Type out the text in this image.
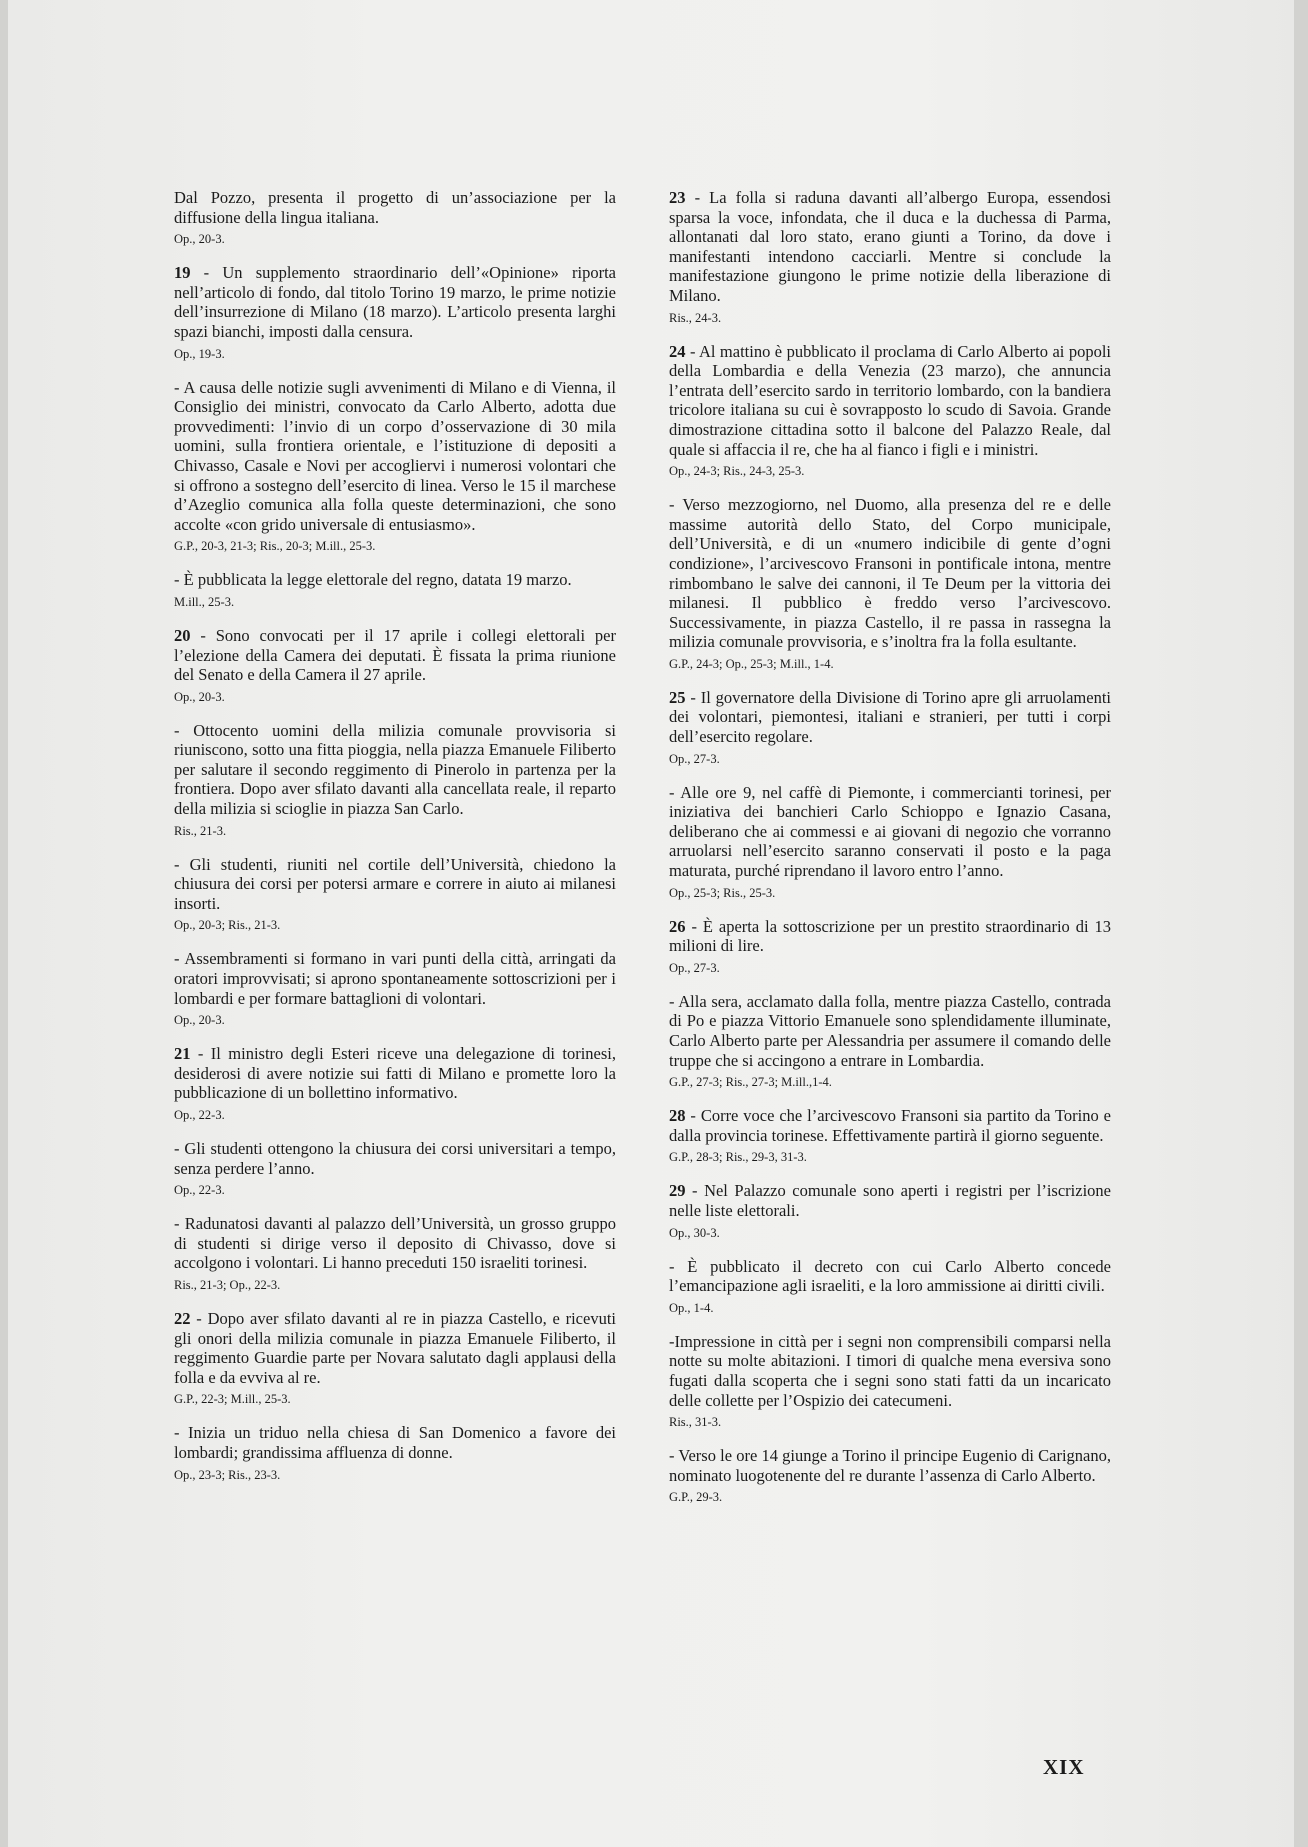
Dal Pozzo, presenta il progetto di un’associazione per la diffusione della lingua italiana.

Op., 20-3.

19 - Un supplemento straordinario dell’«Opinione» riporta nell’articolo di fondo, dal titolo Torino 19 marzo, le prime notizie dell’insurrezione di Milano (18 marzo). L’articolo presenta larghi spazi bianchi, imposti dalla censura.

Op., 19-3.

- A causa delle notizie sugli avvenimenti di Milano e di Vienna, il Consiglio dei ministri, convocato da Carlo Alberto, adotta due provvedimenti: l’invio di un corpo d’osservazione di 30 mila uomini, sulla frontiera orientale, e l’istituzione di depositi a Chivasso, Casale e Novi per accogliervi i numerosi volontari che si offrono a sostegno dell’esercito di linea. Verso le 15 il marchese d’Azeglio comunica alla folla queste determinazioni, che sono accolte «con grido universale di entusiasmo».

G.P., 20-3, 21-3; Ris., 20-3; M.ill., 25-3.

- È pubblicata la legge elettorale del regno, datata 19 marzo.

M.ill., 25-3.

20 - Sono convocati per il 17 aprile i collegi elettorali per l’elezione della Camera dei deputati. È fissata la prima riunione del Senato e della Camera il 27 aprile.

Op., 20-3.

- Ottocento uomini della milizia comunale provvisoria si riuniscono, sotto una fitta pioggia, nella piazza Emanuele Filiberto per salutare il secondo reggimento di Pinerolo in partenza per la frontiera. Dopo aver sfilato davanti alla cancellata reale, il reparto della milizia si scioglie in piazza San Carlo.

Ris., 21-3.

- Gli studenti, riuniti nel cortile dell’Università, chiedono la chiusura dei corsi per potersi armare e correre in aiuto ai milanesi insorti.

Op., 20-3; Ris., 21-3.

- Assembramenti si formano in vari punti della città, arringati da oratori improvvisati; si aprono spontaneamente sottoscrizioni per i lombardi e per formare battaglioni di volontari.

Op., 20-3.

21 - Il ministro degli Esteri riceve una delegazione di torinesi, desiderosi di avere notizie sui fatti di Milano e promette loro la pubblicazione di un bollettino informativo.

Op., 22-3.

- Gli studenti ottengono la chiusura dei corsi universitari a tempo, senza perdere l’anno.

Op., 22-3.

- Radunatosi davanti al palazzo dell’Università, un grosso gruppo di studenti si dirige verso il deposito di Chivasso, dove si accolgono i volontari. Li hanno preceduti 150 israeliti torinesi.

Ris., 21-3; Op., 22-3.

22 - Dopo aver sfilato davanti al re in piazza Castello, e ricevuti gli onori della milizia comunale in piazza Emanuele Filiberto, il reggimento Guardie parte per Novara salutato dagli applausi della folla e da evviva al re.

G.P., 22-3; M.ill., 25-3.

- Inizia un triduo nella chiesa di San Domenico a favore dei lombardi; grandissima affluenza di donne.

Op., 23-3; Ris., 23-3.

23 - La folla si raduna davanti all’albergo Europa, essendosi sparsa la voce, infondata, che il duca e la duchessa di Parma, allontanati dal loro stato, erano giunti a Torino, da dove i manifestanti intendono cacciarli. Mentre si conclude la manifestazione giungono le prime notizie della liberazione di Milano.

Ris., 24-3.

24 - Al mattino è pubblicato il proclama di Carlo Alberto ai popoli della Lombardia e della Venezia (23 marzo), che annuncia l’entrata dell’esercito sardo in territorio lombardo, con la bandiera tricolore italiana su cui è sovrapposto lo scudo di Savoia. Grande dimostrazione cittadina sotto il balcone del Palazzo Reale, dal quale si affaccia il re, che ha al fianco i figli e i ministri.

Op., 24-3; Ris., 24-3, 25-3.

- Verso mezzogiorno, nel Duomo, alla presenza del re e delle massime autorità dello Stato, del Corpo municipale, dell’Università, e di un «numero indicibile di gente d’ogni condizione», l’arcivescovo Fransoni in pontificale intona, mentre rimbombano le salve dei cannoni, il Te Deum per la vittoria dei milanesi. Il pubblico è freddo verso l’arcivescovo. Successivamente, in piazza Castello, il re passa in rassegna la milizia comunale provvisoria, e s’inoltra fra la folla esultante.

G.P., 24-3; Op., 25-3; M.ill., 1-4.

25 - Il governatore della Divisione di Torino apre gli arruolamenti dei volontari, piemontesi, italiani e stranieri, per tutti i corpi dell’esercito regolare.

Op., 27-3.

- Alle ore 9, nel caffè di Piemonte, i commercianti torinesi, per iniziativa dei banchieri Carlo Schioppo e Ignazio Casana, deliberano che ai commessi e ai giovani di negozio che vorranno arruolarsi nell’esercito saranno conservati il posto e la paga maturata, purché riprendano il lavoro entro l’anno.

Op., 25-3; Ris., 25-3.

26 - È aperta la sottoscrizione per un prestito straordinario di 13 milioni di lire.

Op., 27-3.

- Alla sera, acclamato dalla folla, mentre piazza Castello, contrada di Po e piazza Vittorio Emanuele sono splendidamente illuminate, Carlo Alberto parte per Alessandria per assumere il comando delle truppe che si accingono a entrare in Lombardia.

G.P., 27-3; Ris., 27-3; M.ill.,1-4.

28 - Corre voce che l’arcivescovo Fransoni sia partito da Torino e dalla provincia torinese. Effettivamente partirà il giorno seguente.

G.P., 28-3; Ris., 29-3, 31-3.

29 - Nel Palazzo comunale sono aperti i registri per l’iscrizione nelle liste elettorali.

Op., 30-3.

- È pubblicato il decreto con cui Carlo Alberto concede l’emancipazione agli israeliti, e la loro ammissione ai diritti civili.

Op., 1-4.

-Impressione in città per i segni non comprensibili comparsi nella notte su molte abitazioni. I timori di qualche mena eversiva sono fugati dalla scoperta che i segni sono stati fatti da un incaricato delle collette per l’Ospizio dei catecumeni.

Ris., 31-3.

- Verso le ore 14 giunge a Torino il principe Eugenio di Carignano, nominato luogotenente del re durante l’assenza di Carlo Alberto.

G.P., 29-3.

XIX
